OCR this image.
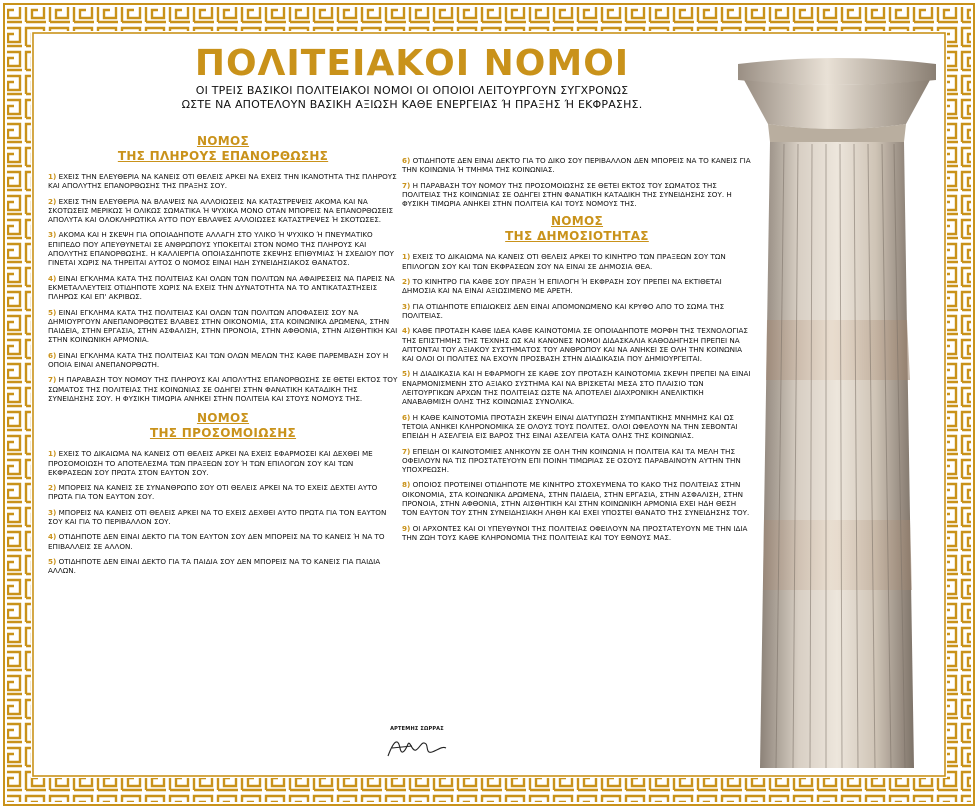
ΠΟΛΙΤΕΙΑΚΟΙ ΝΟΜΟΙ
ΟΙ ΤΡΕΙΣ ΒΑΣΙΚΟΙ ΠΟΛΙΤΕΙΑΚΟΙ ΝΟΜΟΙ ΟΙ ΟΠΟΙΟΙ ΛΕΙΤΟΥΡΓΟΥΝ ΣΥΓΧΡΟΝΩΣ
ΩΣΤΕ ΝΑ ΑΠΟΤΕΛΟΥΝ ΒΑΣΙΚΗ ΑΞΙΩΣΗ ΚΑΘΕ ΕΝΕΡΓΕΙΑΣ Ή ΠΡΑΞΗΣ Ή ΕΚΦΡΑΣΗΣ.

ΝΟΜΟΣ

ΤΗΣ ΠΛΗΡΟΥΣ ΕΠΑΝΟΡΘΩΣΗΣ

1) ΕΧΕΙΣ ΤΗΝ ΕΛΕΥΘΕΡΙΑ ΝΑ ΚΑΝΕΙΣ ΟΤΙ ΘΕΛΕΙΣ ΑΡΚΕΙ ΝΑ ΕΧΕΙΣ ΤΗΝ ΙΚΑΝΟΤΗΤΑ ΤΗΣ ΠΛΗΡΟΥΣ ΚΑΙ ΑΠΟΛΥΤΗΣ ΕΠΑΝΟΡΘΩΣΗΣ ΤΗΣ ΠΡΑΞΗΣ ΣΟΥ.
2) ΕΧΕΙΣ ΤΗΝ ΕΛΕΥΘΕΡΙΑ ΝΑ ΒΛΑΨΕΙΣ ΝΑ ΑΛΛΟΙΩΣΕΙΣ ΝΑ ΚΑΤΑΣΤΡΕΨΕΙΣ ΑΚΟΜΑ ΚΑΙ ΝΑ ΣΚΟΤΩΣΕΙΣ ΜΕΡΙΚΩΣ Ή ΟΛΙΚΩΣ ΣΩΜΑΤΙΚΑ Ή ΨΥΧΙΚΑ ΜΟΝΟ ΟΤΑΝ ΜΠΟΡΕΙΣ ΝΑ ΕΠΑΝΟΡΘΩΣΕΙΣ ΑΠΟΛΥΤΑ ΚΑΙ ΟΛΟΚΛΗΡΩΤΙΚΑ ΑΥΤΟ ΠΟΥ ΕΒΛΑΨΕΣ ΑΛΛΟΙΩΣΕΣ ΚΑΤΑΣΤΡΕΨΕΣ Ή ΣΚΟΤΩΣΕΣ.
3) ΑΚΟΜΑ ΚΑΙ Η ΣΚΕΨΗ ΓΙΑ ΟΠΟΙΑΔΗΠΟΤΕ ΑΛΛΑΓΗ ΣΤΟ ΥΛΙΚΟ Ή ΨΥΧΙΚΟ Ή ΠΝΕΥΜΑΤΙΚΟ ΕΠΙΠΕΔΟ ΠΟΥ ΑΠΕΥΘΥΝΕΤΑΙ ΣΕ ΑΝΘΡΩΠΟΥΣ ΥΠΟΚΕΙΤΑΙ ΣΤΟΝ ΝΟΜΟ ΤΗΣ ΠΛΗΡΟΥΣ ΚΑΙ ΑΠΟΛΥΤΗΣ ΕΠΑΝΟΡΘΩΣΗΣ. Η ΚΑΛΛΙΕΡΓΙΑ ΟΠΟΙΑΣΔΗΠΟΤΕ ΣΚΕΨΗΣ ΕΠΙΘΥΜΙΑΣ Ή ΣΧΕΔΙΟΥ ΠΟΥ ΓΙΝΕΤΑΙ ΧΩΡΙΣ ΝΑ ΤΗΡΕΙΤΑΙ ΑΥΤΟΣ Ο ΝΟΜΟΣ ΕΙΝΑΙ ΗΔΗ ΣΥΝΕΙΔΗΣΙΑΚΟΣ ΘΑΝΑΤΟΣ.
4) ΕΙΝΑΙ ΕΓΚΛΗΜΑ ΚΑΤΑ ΤΗΣ ΠΟΛΙΤΕΙΑΣ ΚΑΙ ΟΛΩΝ ΤΩΝ ΠΟΛΙΤΩΝ ΝΑ ΑΦΑΙΡΕΣΕΙΣ ΝΑ ΠΑΡΕΙΣ ΝΑ ΕΚΜΕΤΑΛΛΕΥΤΕΙΣ ΟΤΙΔΗΠΟΤΕ ΧΩΡΙΣ ΝΑ ΕΧΕΙΣ ΤΗΝ ΔΥΝΑΤΟΤΗΤΑ ΝΑ ΤΟ ΑΝΤΙΚΑΤΑΣΤΗΣΕΙΣ ΠΛΗΡΩΣ ΚΑΙ ΕΠ' ΑΚΡΙΒΩΣ.
5) ΕΙΝΑΙ ΕΓΚΛΗΜΑ ΚΑΤΑ ΤΗΣ ΠΟΛΙΤΕΙΑΣ ΚΑΙ ΟΛΩΝ ΤΩΝ ΠΟΛΙΤΩΝ ΑΠΟΦΑΣΕΙΣ ΣΟΥ ΝΑ ΔΗΜΙΟΥΡΓΟΥΝ ΑΝΕΠΑΝΟΡΘΩΤΕΣ ΒΛΑΒΕΣ ΣΤΗΝ ΟΙΚΟΝΟΜΙΑ, ΣΤΑ ΚΟΙΝΩΝΙΚΑ ΔΡΩΜΕΝΑ, ΣΤΗΝ ΠΑΙΔΕΙΑ, ΣΤΗΝ ΕΡΓΑΣΙΑ, ΣΤΗΝ ΑΣΦΑΛΙΣΗ, ΣΤΗΝ ΠΡΟΝΟΙΑ, ΣΤΗΝ ΑΦΘΟΝΙΑ, ΣΤΗΝ ΑΙΣΘΗΤΙΚΗ ΚΑΙ ΣΤΗΝ ΚΟΙΝΩΝΙΚΗ ΑΡΜΟΝΙΑ.
6) ΕΙΝΑΙ ΕΓΚΛΗΜΑ ΚΑΤΑ ΤΗΣ ΠΟΛΙΤΕΙΑΣ ΚΑΙ ΤΩΝ ΟΛΩΝ ΜΕΛΩΝ ΤΗΣ ΚΑΘΕ ΠΑΡΕΜΒΑΣΗ ΣΟΥ Η ΟΠΟΙΑ ΕΙΝΑΙ ΑΝΕΠΑΝΟΡΘΩΤΗ.
7) Η ΠΑΡΑΒΑΣΗ ΤΟΥ ΝΟΜΟΥ ΤΗΣ ΠΛΗΡΟΥΣ ΚΑΙ ΑΠΟΛΥΤΗΣ ΕΠΑΝΟΡΘΩΣΗΣ ΣΕ ΘΕΤΕΙ ΕΚΤΟΣ ΤΟΥ ΣΩΜΑΤΟΣ ΤΗΣ ΠΟΛΙΤΕΙΑΣ ΤΗΣ ΚΟΙΝΩΝΙΑΣ ΣΕ ΟΔΗΓΕΙ ΣΤΗΝ ΦΑΝΑΤΙΚΗ ΚΑΤΑΔΙΚΗ ΤΗΣ ΣΥΝΕΙΔΗΣΗΣ ΣΟΥ. Η ΦΥΣΙΚΗ ΤΙΜΩΡΙΑ ΑΝΗΚΕΙ ΣΤΗΝ ΠΟΛΙΤΕΙΑ ΚΑΙ ΣΤΟΥΣ ΝΟΜΟΥΣ ΤΗΣ.

ΝΟΜΟΣ

ΤΗΣ ΠΡΟΣΟΜΟΙΩΣΗΣ

1) ΕΧΕΙΣ ΤΟ ΔΙΚΑΙΩΜΑ ΝΑ ΚΑΝΕΙΣ ΟΤΙ ΘΕΛΕΙΣ ΑΡΚΕΙ ΝΑ ΕΧΕΙΣ ΕΦΑΡΜΟΣΕΙ ΚΑΙ ΔΕΧΘΕΙ ΜΕ ΠΡΟΣΟΜΟΙΩΣΗ ΤΟ ΑΠΟΤΕΛΕΣΜΑ ΤΩΝ ΠΡΑΞΕΩΝ ΣΟΥ Ή ΤΩΝ ΕΠΙΛΟΓΩΝ ΣΟΥ ΚΑΙ ΤΩΝ ΕΚΦΡΑΣΕΩΝ ΣΟΥ ΠΡΩΤΑ ΣΤΟΝ ΕΑΥΤΟΝ ΣΟΥ.
2) ΜΠΟΡΕΙΣ ΝΑ ΚΑΝΕΙΣ ΣΕ ΣΥΝΑΝΘΡΩΠΟ ΣΟΥ ΟΤΙ ΘΕΛΕΙΣ ΑΡΚΕΙ ΝΑ ΤΟ ΕΧΕΙΣ ΔΕΧΤΕΙ ΑΥΤΟ ΠΡΩΤΑ ΓΙΑ ΤΟΝ ΕΑΥΤΟΝ ΣΟΥ.
3) ΜΠΟΡΕΙΣ ΝΑ ΚΑΝΕΙΣ ΟΤΙ ΘΕΛΕΙΣ ΑΡΚΕΙ ΝΑ ΤΟ ΕΧΕΙΣ ΔΕΧΘΕΙ ΑΥΤΟ ΠΡΩΤΑ ΓΙΑ ΤΟΝ ΕΑΥΤΟΝ ΣΟΥ ΚΑΙ ΓΙΑ ΤΟ ΠΕΡΙΒΑΛΛΟΝ ΣΟΥ.
4) ΟΤΙΔΗΠΟΤΕ ΔΕΝ ΕΙΝΑΙ ΔΕΚΤΟ ΓΙΑ ΤΟΝ ΕΑΥΤΟΝ ΣΟΥ ΔΕΝ ΜΠΟΡΕΙΣ ΝΑ ΤΟ ΚΑΝΕΙΣ Ή ΝΑ ΤΟ ΕΠΙΒΑΛΛΕΙΣ ΣΕ ΑΛΛΟΝ.
5) ΟΤΙΔΗΠΟΤΕ ΔΕΝ ΕΙΝΑΙ ΔΕΚΤΟ ΓΙΑ ΤΑ ΠΑΙΔΙΑ ΣΟΥ ΔΕΝ ΜΠΟΡΕΙΣ ΝΑ ΤΟ ΚΑΝΕΙΣ ΓΙΑ ΠΑΙΔΙΑ ΑΛΛΩΝ.
6) ΟΤΙΔΗΠΟΤΕ ΔΕΝ ΕΙΝΑΙ ΔΕΚΤΟ ΓΙΑ ΤΟ ΔΙΚΟ ΣΟΥ ΠΕΡΙΒΑΛΛΟΝ ΔΕΝ ΜΠΟΡΕΙΣ ΝΑ ΤΟ ΚΑΝΕΙΣ ΓΙΑ ΤΗΝ ΚΟΙΝΩΝΙΑ Ή ΤΜΗΜΑ ΤΗΣ ΚΟΙΝΩΝΙΑΣ.
7) Η ΠΑΡΑΒΑΣΗ ΤΟΥ ΝΟΜΟΥ ΤΗΣ ΠΡΟΣΟΜΟΙΩΣΗΣ ΣΕ ΘΕΤΕΙ ΕΚΤΟΣ ΤΟΥ ΣΩΜΑΤΟΣ ΤΗΣ ΠΟΛΙΤΕΙΑΣ ΤΗΣ ΚΟΙΝΩΝΙΑΣ ΣΕ ΟΔΗΓΕΙ ΣΤΗΝ ΦΑΝΑΤΙΚΗ ΚΑΤΑΔΙΚΗ ΤΗΣ ΣΥΝΕΙΔΗΣΗΣ ΣΟΥ. Η ΦΥΣΙΚΗ ΤΙΜΩΡΙΑ ΑΝΗΚΕΙ ΣΤΗΝ ΠΟΛΙΤΕΙΑ ΚΑΙ ΤΟΥΣ ΝΟΜΟΥΣ ΤΗΣ.

ΝΟΜΟΣ

ΤΗΣ ΔΗΜΟΣΙΟΤΗΤΑΣ

1) ΕΧΕΙΣ ΤΟ ΔΙΚΑΙΩΜΑ ΝΑ ΚΑΝΕΙΣ ΟΤΙ ΘΕΛΕΙΣ ΑΡΚΕΙ ΤΟ ΚΙΝΗΤΡΟ ΤΩΝ ΠΡΑΞΕΩΝ ΣΟΥ ΤΩΝ ΕΠΙΛΟΓΩΝ ΣΟΥ ΚΑΙ ΤΩΝ ΕΚΦΡΑΣΕΩΝ ΣΟΥ ΝΑ ΕΙΝΑΙ ΣΕ ΔΗΜΟΣΙΑ ΘΕΑ.
2) ΤΟ ΚΙΝΗΤΡΟ ΓΙΑ ΚΑΘΕ ΣΟΥ ΠΡΑΞΗ Ή ΕΠΙΛΟΓΗ Ή ΕΚΦΡΑΣΗ ΣΟΥ ΠΡΕΠΕΙ ΝΑ ΕΚΤΙΘΕΤΑΙ ΔΗΜΟΣΙΑ ΚΑΙ ΝΑ ΕΙΝΑΙ ΑΞΙΩΣΙΜΕΝΟ ΜΕ ΑΡΕΤΗ.
3) ΓΙΑ ΟΤΙΔΗΠΟΤΕ ΕΠΙΔΙΩΚΕΙΣ ΔΕΝ ΕΙΝΑΙ ΑΠΟΜΟΝΩΜΕΝΟ ΚΑΙ ΚΡΥΦΟ ΑΠΟ ΤΟ ΣΩΜΑ ΤΗΣ ΠΟΛΙΤΕΙΑΣ.
4) ΚΑΘΕ ΠΡΟΤΑΣΗ ΚΑΘΕ ΙΔΕΑ ΚΑΘΕ ΚΑΙΝΟΤΟΜΙΑ ΣΕ ΟΠΟΙΑΔΗΠΟΤΕ ΜΟΡΦΗ ΤΗΣ ΤΕΧΝΟΛΟΓΙΑΣ ΤΗΣ ΕΠΙΣΤΗΜΗΣ ΤΗΣ ΤΕΧΝΗΣ ΩΣ ΚΑΙ ΚΑΝΟΝΕΣ ΝΟΜΟΙ ΔΙΔΑΣΚΑΛΙΑ ΚΑΘΟΔΗΓΗΣΗ ΠΡΕΠΕΙ ΝΑ ΑΠΤΟΝΤΑΙ ΤΟΥ ΑΞΙΑΚΟΥ ΣΥΣΤΗΜΑΤΟΣ ΤΟΥ ΑΝΘΡΩΠΟΥ ΚΑΙ ΝΑ ΑΝΗΚΕΙ ΣΕ ΟΛΗ ΤΗΝ ΚΟΙΝΩΝΙΑ ΚΑΙ ΟΛΟΙ ΟΙ ΠΟΛΙΤΕΣ ΝΑ ΕΧΟΥΝ ΠΡΟΣΒΑΣΗ ΣΤΗΝ ΔΙΑΔΙΚΑΣΙΑ ΠΟΥ ΔΗΜΙΟΥΡΓΕΙΤΑΙ.
5) Η ΔΙΑΔΙΚΑΣΙΑ ΚΑΙ Η ΕΦΑΡΜΟΓΗ ΣΕ ΚΑΘΕ ΣΟΥ ΠΡΟΤΑΣΗ ΚΑΙΝΟΤΟΜΙΑ ΣΚΕΨΗ ΠΡΕΠΕΙ ΝΑ ΕΙΝΑΙ ΕΝΑΡΜΟΝΙΣΜΕΝΗ ΣΤΟ ΑΞΙΑΚΟ ΣΥΣΤΗΜΑ ΚΑΙ ΝΑ ΒΡΙΣΚΕΤΑΙ ΜΕΣΑ ΣΤΟ ΠΛΑΙΣΙΟ ΤΩΝ ΛΕΙΤΟΥΡΓΙΚΩΝ ΑΡΧΩΝ ΤΗΣ ΠΟΛΙΤΕΙΑΣ ΩΣΤΕ ΝΑ ΑΠΟΤΕΛΕΙ ΔΙΑΧΡΟΝΙΚΗ ΑΝΕΛΙΚΤΙΚΗ ΑΝΑΒΑΘΜΙΣΗ ΟΛΗΣ ΤΗΣ ΚΟΙΝΩΝΙΑΣ ΣΥΝΟΛΙΚΑ.
6) Η ΚΑΘΕ ΚΑΙΝΟΤΟΜΙΑ ΠΡΟΤΑΣΗ ΣΚΕΨΗ ΕΙΝΑΙ ΔΙΑΤΥΠΩΣΗ ΣΥΜΠΑΝΤΙΚΗΣ ΜΝΗΜΗΣ ΚΑΙ ΩΣ ΤΕΤΟΙΑ ΑΝΗΚΕΙ ΚΛΗΡΟΝΟΜΙΚΑ ΣΕ ΟΛΟΥΣ ΤΟΥΣ ΠΟΛΙΤΕΣ. ΟΛΟΙ ΩΦΕΛΟΥΝ ΝΑ ΤΗΝ ΣΕΒΟΝΤΑΙ ΕΠΕΙΔΗ Η ΑΣΕΛΓΕΙΑ ΕΙΣ ΒΑΡΟΣ ΤΗΣ ΕΙΝΑΙ ΑΣΕΛΓΕΙΑ ΚΑΤΑ ΟΛΗΣ ΤΗΣ ΚΟΙΝΩΝΙΑΣ.
7) ΕΠΕΙΔΗ ΟΙ ΚΑΙΝΟΤΟΜΙΕΣ ΑΝΗΚΟΥΝ ΣΕ ΟΛΗ ΤΗΝ ΚΟΙΝΩΝΙΑ Η ΠΟΛΙΤΕΙΑ ΚΑΙ ΤΑ ΜΕΛΗ ΤΗΣ ΟΦΕΙΛΟΥΝ ΝΑ ΤΙΣ ΠΡΟΣΤΑΤΕΥΟΥΝ ΕΠΙ ΠΟΙΝΗ ΤΙΜΩΡΙΑΣ ΣΕ ΟΣΟΥΣ ΠΑΡΑΒΑΙΝΟΥΝ ΑΥΤΗΝ ΤΗΝ ΥΠΟΧΡΕΩΣΗ.
8) ΟΠΟΙΟΣ ΠΡΟΤΕΙΝΕΙ ΟΤΙΔΗΠΟΤΕ ΜΕ ΚΙΝΗΤΡΟ ΣΤΟΧΕΥΜΕΝΑ ΤΟ ΚΑΚΟ ΤΗΣ ΠΟΛΙΤΕΙΑΣ ΣΤΗΝ ΟΙΚΟΝΟΜΙΑ, ΣΤΑ ΚΟΙΝΩΝΙΚΑ ΔΡΩΜΕΝΑ, ΣΤΗΝ ΠΑΙΔΕΙΑ, ΣΤΗΝ ΕΡΓΑΣΙΑ, ΣΤΗΝ ΑΣΦΑΛΙΣΗ, ΣΤΗΝ ΠΡΟΝΟΙΑ, ΣΤΗΝ ΑΦΘΟΝΙΑ, ΣΤΗΝ ΑΙΣΘΗΤΙΚΗ ΚΑΙ ΣΤΗΝ ΚΟΙΝΩΝΙΚΗ ΑΡΜΟΝΙΑ ΕΧΕΙ ΗΔΗ ΘΕΣΗ ΤΟΝ ΕΑΥΤΟΝ ΤΟΥ ΣΤΗΝ ΣΥΝΕΙΔΗΣΙΑΚΗ ΛΗΘΗ ΚΑΙ ΕΧΕΙ ΥΠΟΣΤΕΙ ΘΑΝΑΤΟ ΤΗΣ ΣΥΝΕΙΔΗΣΗΣ ΤΟΥ.
9) ΟΙ ΑΡΧΟΝΤΕΣ ΚΑΙ ΟΙ ΥΠΕΥΘΥΝΟΙ ΤΗΣ ΠΟΛΙΤΕΙΑΣ ΟΦΕΙΛΟΥΝ ΝΑ ΠΡΟΣΤΑΤΕΥΟΥΝ ΜΕ ΤΗΝ ΙΔΙΑ ΤΗΝ ΖΩΗ ΤΟΥΣ ΚΑΘΕ ΚΛΗΡΟΝΟΜΙΑ ΤΗΣ ΠΟΛΙΤΕΙΑΣ ΚΑΙ ΤΟΥ ΕΘΝΟΥΣ ΜΑΣ.
ΑΡΤΕΜΗΣ ΣΩΡΡΑΣ
